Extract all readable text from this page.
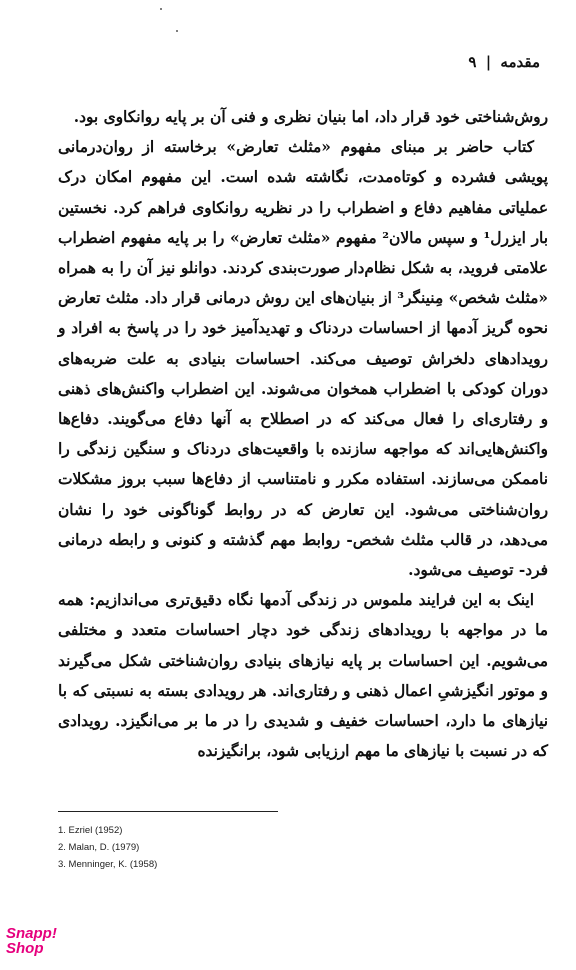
مقدمه | ۹

روش‌شناختی خود قرار داد، اما بنیان نظری و فنی آن بر پایه روانکاوی بود.

کتاب حاضر بر مبنای مفهوم «مثلث تعارض» برخاسته از روان‌درمانی پویشی فشرده و کوتاه‌مدت، نگاشته شده است. این مفهوم امکان درک عملیاتی مفاهیم دفاع و اضطراب را در نظریه روانکاوی فراهم کرد. نخستین بار ایزرل¹ و سپس مالان² مفهوم «مثلث تعارض» را بر پایه مفهوم اضطراب علامتی فروید، به شکل نظام‌دار صورت‌بندی کردند. دوانلو نیز آن را به همراه «مثلث شخص» مِنینگر³ از بنیان‌های این روش درمانی قرار داد. مثلث تعارض نحوه گریز آدمها از احساسات دردناک و تهدیدآمیز خود را در پاسخ به افراد و رویدادهای دلخراش توصیف می‌کند. احساسات بنیادی به علت ضربه‌های دوران کودکی با اضطراب همخوان می‌شوند. این اضطراب واکنش‌های ذهنی و رفتاری‌ای را فعال می‌کند که در اصطلاح به آنها دفاع می‌گویند. دفاع‌ها واکنش‌هایی‌اند که مواجهه سازنده با واقعیت‌های دردناک و سنگین زندگی را ناممکن می‌سازند. استفاده مکرر و نامتناسب از دفاع‌ها سبب بروز مشکلات روان‌شناختی می‌شود. این تعارض که در روابط گوناگونی خود را نشان می‌دهد، در قالب مثلث شخص- روابط مهم گذشته و کنونی و رابطه درمانی فرد- توصیف می‌شود.

اینک به این فرایند ملموس در زندگی آدمها نگاه دقیق‌تری می‌اندازیم: همه ما در مواجهه با رویدادهای زندگی خود دچار احساسات متعدد و مختلفی می‌شویم. این احساسات بر پایه نیازهای بنیادی روان‌شناختی شکل می‌گیرند و موتور انگیزشیِ اعمال ذهنی و رفتاری‌اند. هر رویدادی بسته به نسبتی که با نیازهای ما دارد، احساسات خفیف و شدیدی را در ما بر می‌انگیزد. رویدادی که در نسبت با نیازهای ما مهم ارزیابی شود، برانگیزنده

1. Ezriel (1952)
2. Malan, D. (1979)
3. Menninger, K. (1958)
Snapp!
Shop
